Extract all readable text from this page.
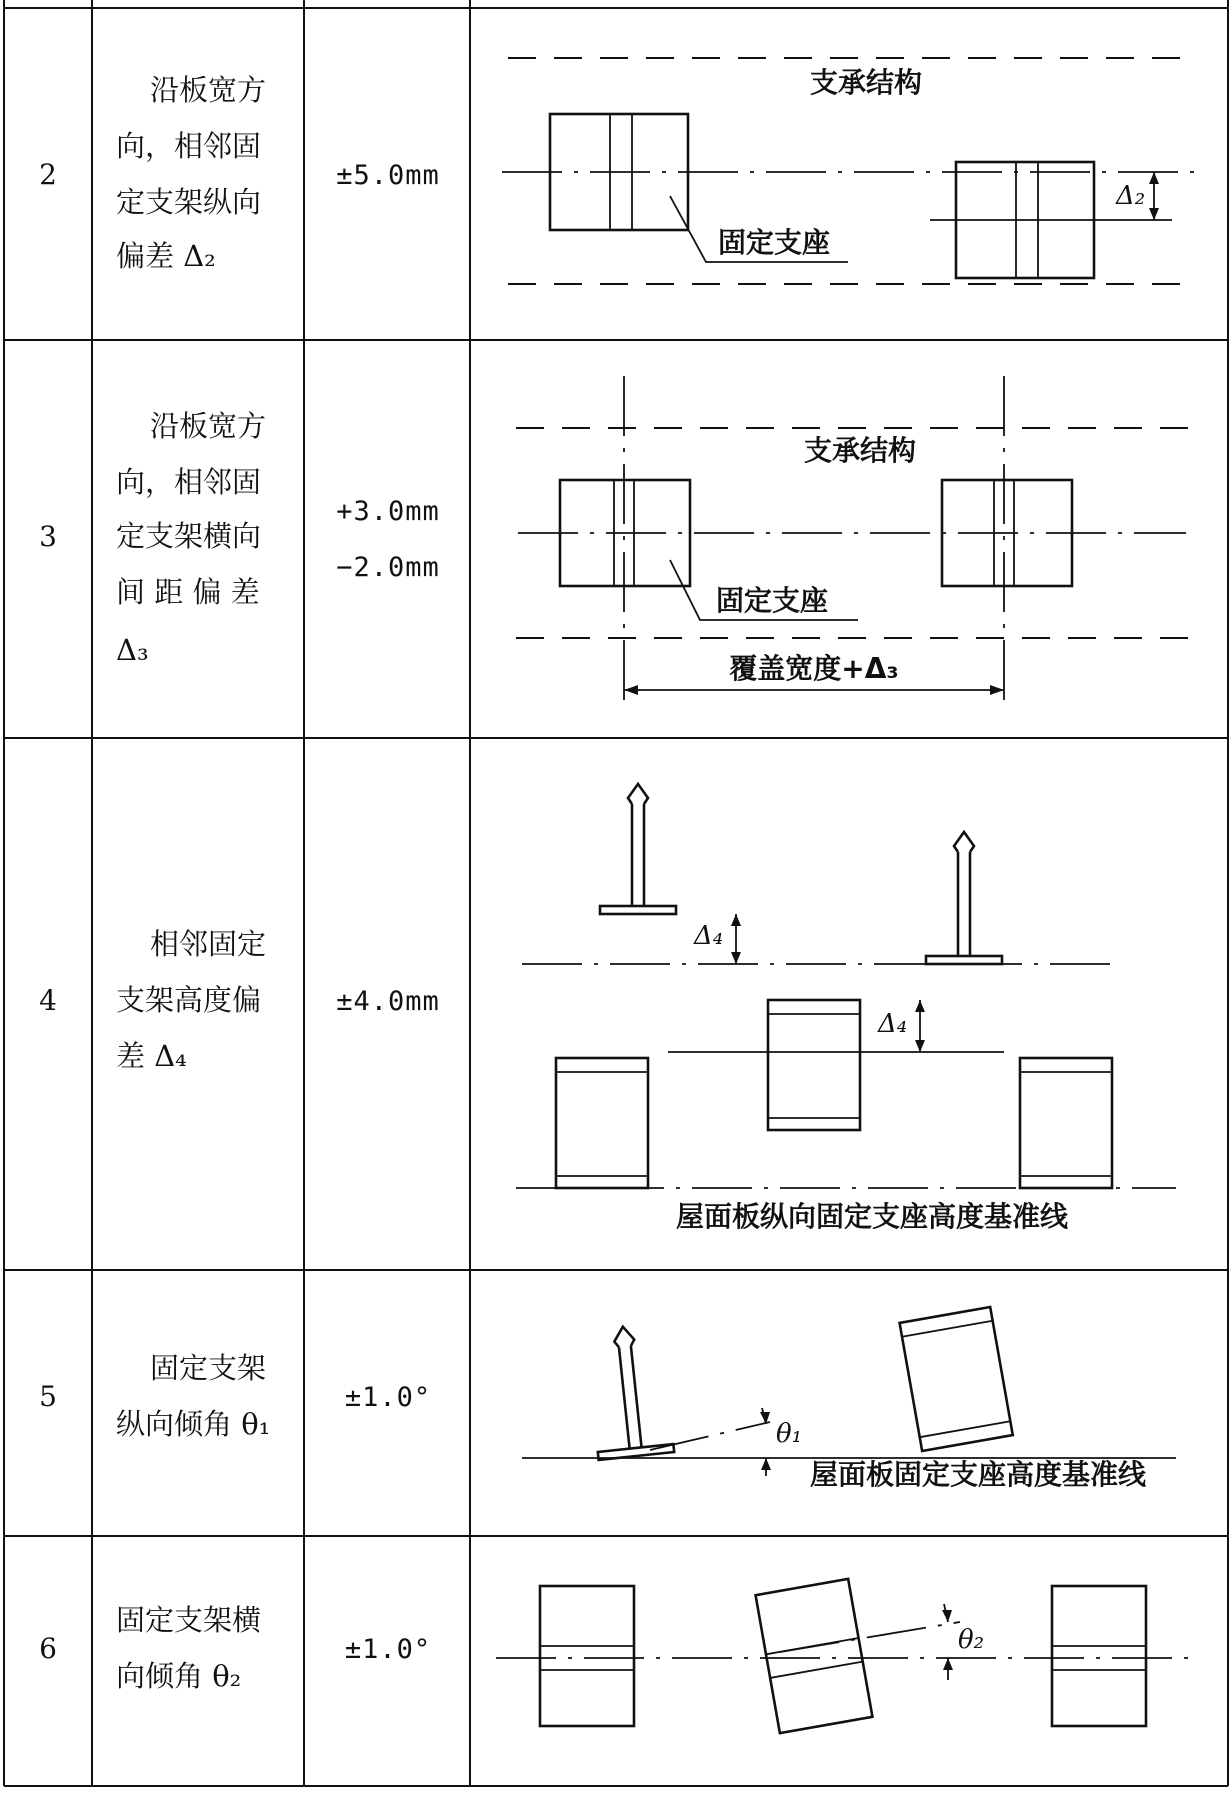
2
沿板宽方
向，相邻固
定支架纵向
偏差 Δ₂
±5.0mm
支承结构
Δ₂
固定支座
3
沿板宽方
向，相邻固
定支架横向
间 距 偏 差
Δ₃
+3.0mm
−2.0mm
支承结构
固定支座
覆盖宽度+Δ₃
4
相邻固定
支架高度偏
差 Δ₄
±4.0mm
Δ₄
Δ₄
屋面板纵向固定支座高度基准线
5
固定支架
纵向倾角 θ₁
±1.0°
θ₁
屋面板固定支座高度基准线
6
固定支架横
向倾角 θ₂
±1.0°	θ₂
